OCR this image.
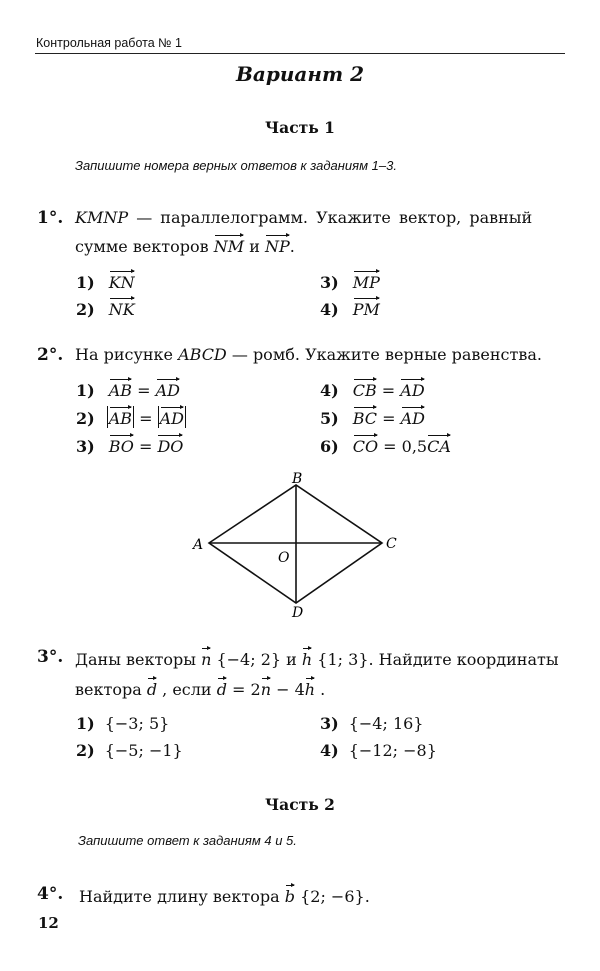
Контрольная работа № 1
Вариант 2
Часть 1
Запишите номера верных ответов к заданиям 1–3.
1°. KMNP — параллелограмм. Укажите вектор, равный
сумме векторов NM и NP.
1) KN
2) NK
3) MP
4) PM
2°. На рисунке ABCD — ромб. Укажите верные равенства.
1) AB = AD
2) AB = AD
3) BO = DO
4) CB = AD
5) BC = AD
6) CO = 0,5CA
B
A	C
O
D
3°. Даны векторы n {−4; 2} и h {1; 3}. Найдите координаты
вектора d , если d = 2n − 4h .
1) {−3; 5}
2) {−5; −1}
3) {−4; 16}
4) {−12; −8}
Часть 2
Запишите ответ к заданиям 4 и 5.
4°. Найдите длину вектора b {2; −6}.
12
